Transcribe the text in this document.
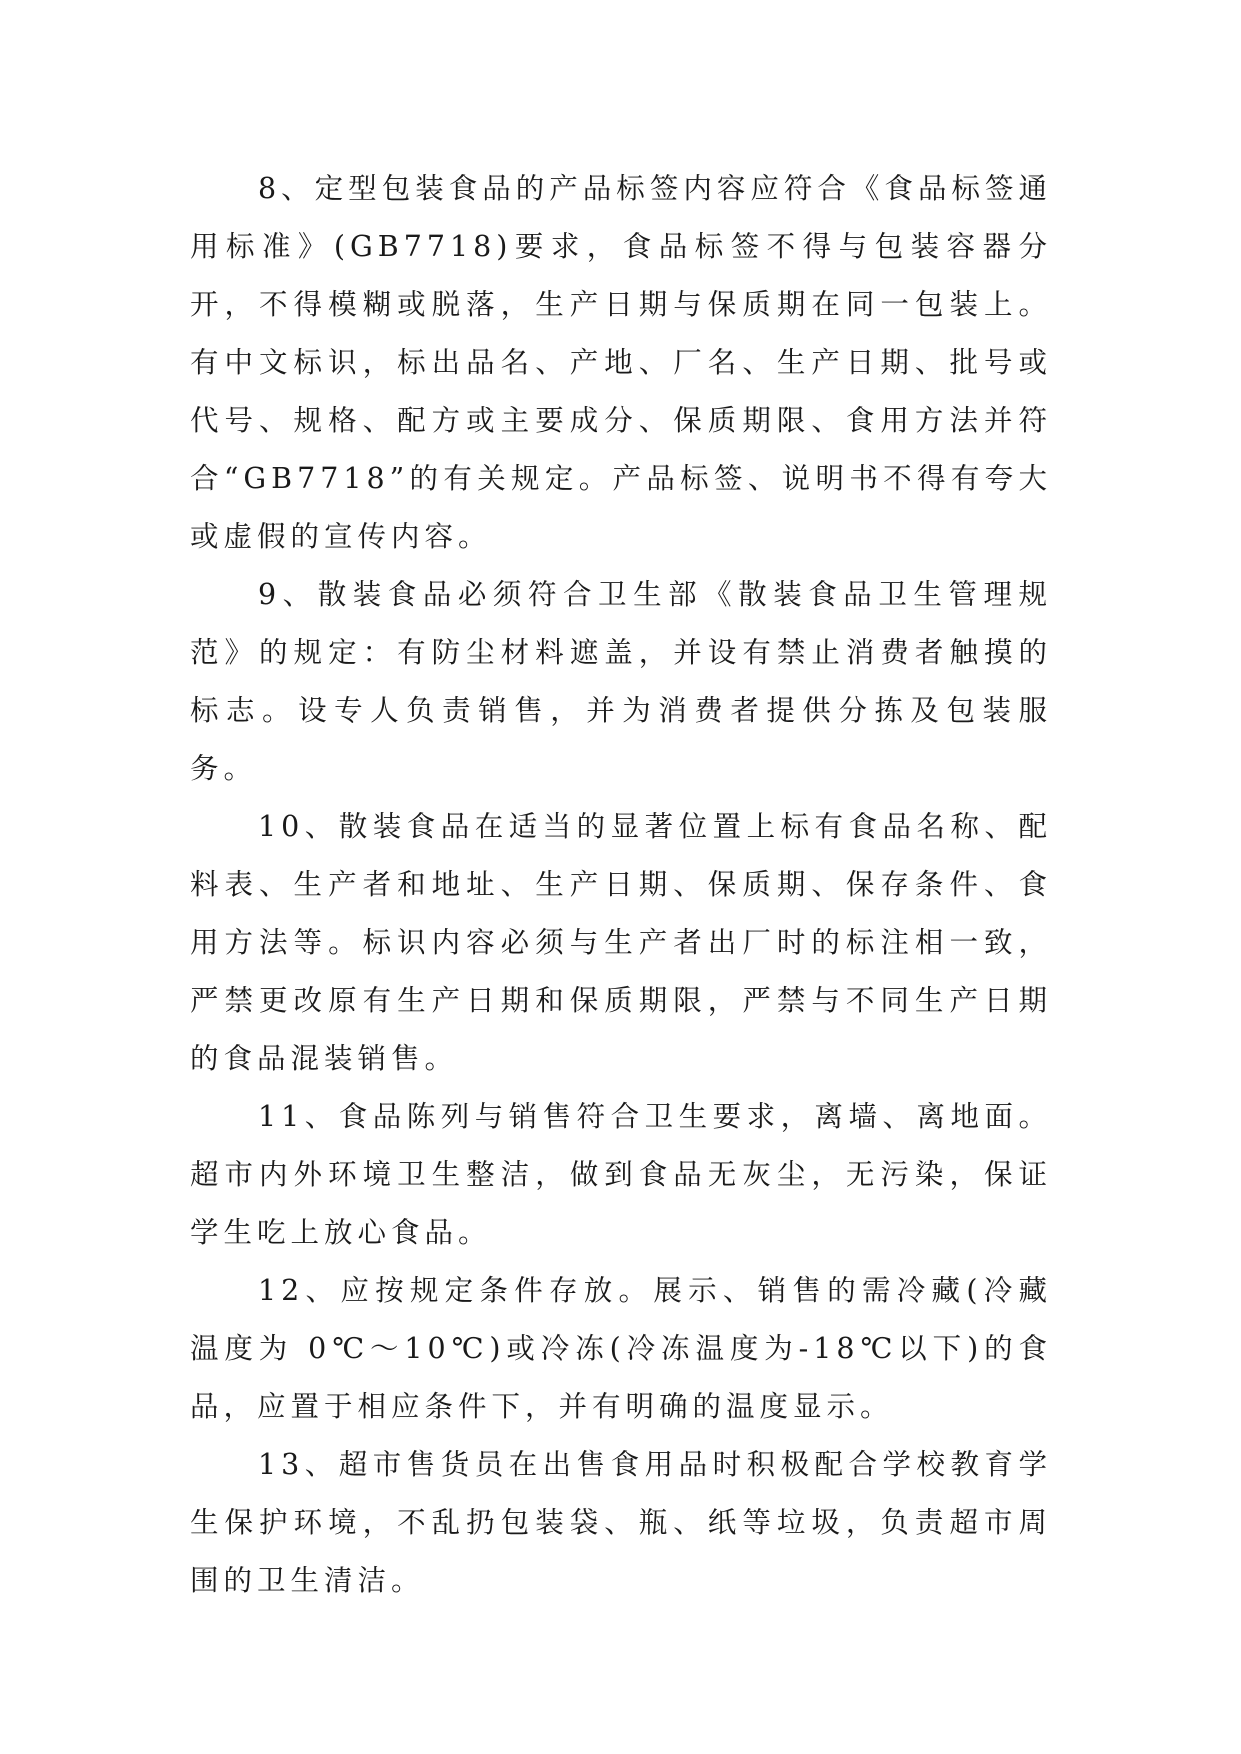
8、定型包装食品的产品标签内容应符合《食品标签通用标准》(GB7718)要求，食品标签不得与包装容器分开，不得模糊或脱落，生产日期与保质期在同一包装上。有中文标识，标出品名、产地、厂名、生产日期、批号或代号、规格、配方或主要成分、保质期限、食用方法并符合“GB7718”的有关规定。产品标签、说明书不得有夸大或虚假的宣传内容。

9、散装食品必须符合卫生部《散装食品卫生管理规范》的规定：有防尘材料遮盖，并设有禁止消费者触摸的标志。设专人负责销售，并为消费者提供分拣及包装服务。

10、散装食品在适当的显著位置上标有食品名称、配料表、生产者和地址、生产日期、保质期、保存条件、食用方法等。标识内容必须与生产者出厂时的标注相一致，严禁更改原有生产日期和保质期限，严禁与不同生产日期的食品混装销售。

11、食品陈列与销售符合卫生要求，离墙、离地面。超市内外环境卫生整洁，做到食品无灰尘，无污染，保证学生吃上放心食品。

12、应按规定条件存放。展示、销售的需冷藏(冷藏温度为 0℃～10℃)或冷冻(冷冻温度为-18℃以下)的食品，应置于相应条件下，并有明确的温度显示。

13、超市售货员在出售食用品时积极配合学校教育学生保护环境，不乱扔包装袋、瓶、纸等垃圾，负责超市周围的卫生清洁。
